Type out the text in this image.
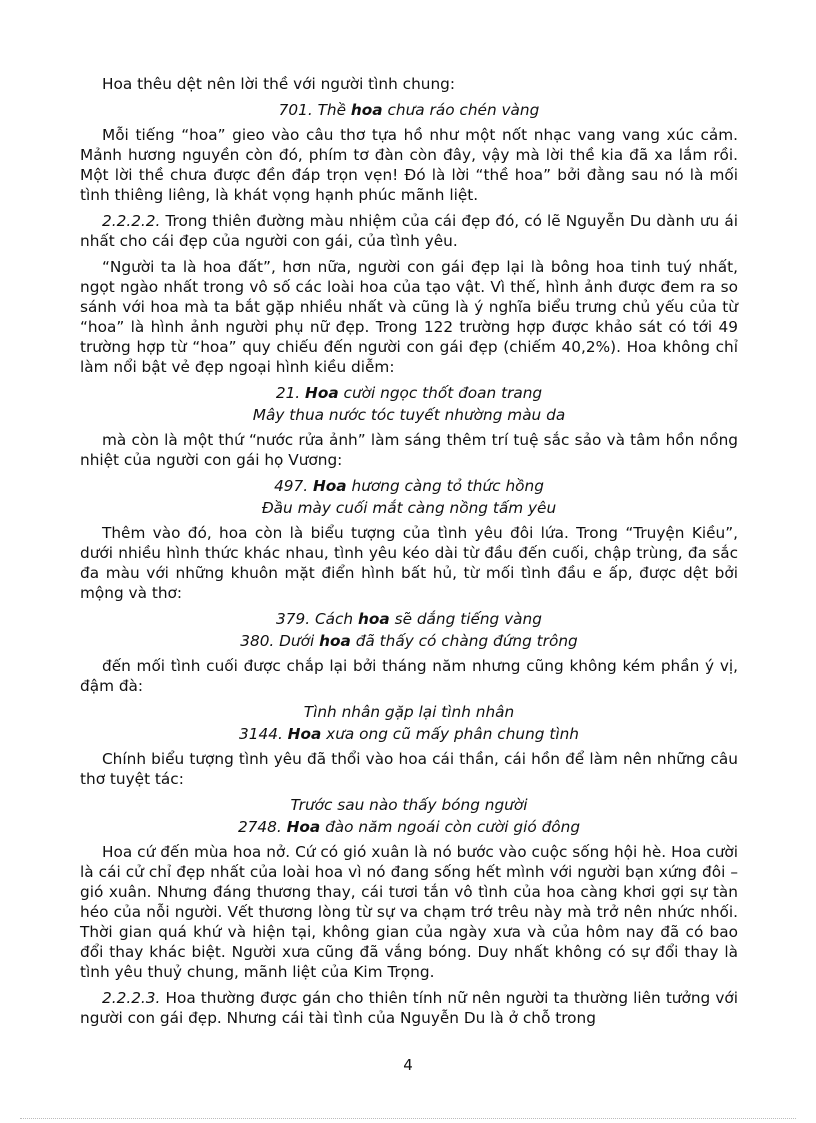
Hoa thêu dệt nên lời thề với người tình chung:

701. Thề hoa chưa ráo chén vàng

Mỗi tiếng “hoa” gieo vào câu thơ tựa hồ như một nốt nhạc vang vang xúc cảm. Mảnh hương nguyền còn đó, phím tơ đàn còn đây, vậy mà lời thề kia đã xa lắm rồi. Một lời thề chưa được đền đáp trọn vẹn! Đó là lời “thề hoa” bởi đằng sau nó là mối tình thiêng liêng, là khát vọng hạnh phúc mãnh liệt.

2.2.2.2. Trong thiên đường màu nhiệm của cái đẹp đó, có lẽ Nguyễn Du dành ưu ái nhất cho cái đẹp của người con gái, của tình yêu.

“Người ta là hoa đất”, hơn nữa, người con gái đẹp lại là bông hoa tinh tuý nhất, ngọt ngào nhất trong vô số các loài hoa của tạo vật. Vì thế, hình ảnh được đem ra so sánh với hoa mà ta bắt gặp nhiều nhất và cũng là ý nghĩa biểu trưng chủ yếu của từ “hoa” là hình ảnh người phụ nữ đẹp. Trong 122 trường hợp được khảo sát có tới 49 trường hợp từ “hoa” quy chiếu đến người con gái đẹp (chiếm 40,2%). Hoa không chỉ làm nổi bật vẻ đẹp ngoại hình kiều diễm:

21. Hoa cười ngọc thốt đoan trang
Mây thua nước tóc tuyết nhường màu da

mà còn là một thứ “nước rửa ảnh” làm sáng thêm trí tuệ sắc sảo và tâm hồn nồng nhiệt của người con gái họ Vương:

497. Hoa hương càng tỏ thức hồng
Đầu mày cuối mắt càng nồng tấm yêu

Thêm vào đó, hoa còn là biểu tượng của tình yêu đôi lứa. Trong “Truyện Kiều”, dưới nhiều hình thức khác nhau, tình yêu kéo dài từ đầu đến cuối, chập trùng, đa sắc đa màu với những khuôn mặt điển hình bất hủ, từ mối tình đầu e ấp, được dệt bởi mộng và thơ:

379. Cách hoa sẽ dắng tiếng vàng
380. Dưới hoa đã thấy có chàng đứng trông

đến mối tình cuối được chắp lại bởi tháng năm nhưng cũng không kém phần ý vị, đậm đà:

Tình nhân gặp lại tình nhân
3144. Hoa xưa ong cũ mấy phân chung tình

Chính biểu tượng tình yêu đã thổi vào hoa cái thần, cái hồn để làm nên những câu thơ tuyệt tác:

Trước sau nào thấy bóng người
2748. Hoa đào năm ngoái còn cười gió đông

Hoa cứ đến mùa hoa nở. Cứ có gió xuân là nó bước vào cuộc sống hội hè. Hoa cười là cái cử chỉ đẹp nhất của loài hoa vì nó đang sống hết mình với người bạn xứng đôi – gió xuân. Nhưng đáng thương thay, cái tươi tắn vô tình của hoa càng khơi gợi sự tàn héo của nỗi người. Vết thương lòng từ sự va chạm trớ trêu này mà trở nên nhức nhối. Thời gian quá khứ và hiện tại, không gian của ngày xưa và của hôm nay đã có bao đổi thay khác biệt. Người xưa cũng đã vắng bóng. Duy nhất không có sự đổi thay là tình yêu thuỷ chung, mãnh liệt của Kim Trọng.

2.2.2.3. Hoa thường được gán cho thiên tính nữ nên người ta thường liên tưởng với người con gái đẹp. Nhưng cái tài tình của Nguyễn Du là ở chỗ trong

4
